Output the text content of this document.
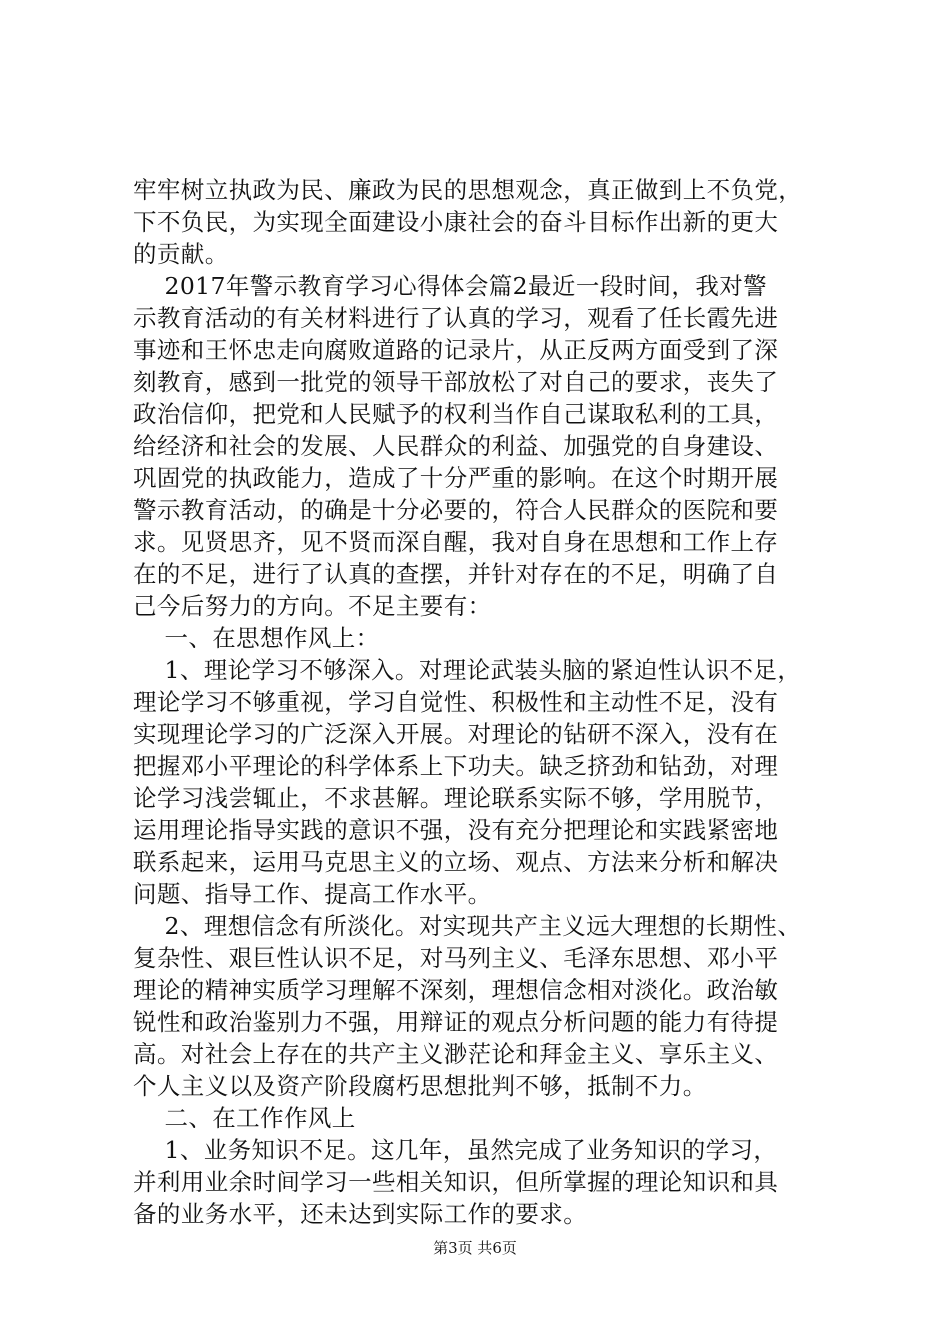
牢牢树立执政为民、廉政为民的思想观念，真正做到上不负党，
下不负民，为实现全面建设小康社会的奋斗目标作出新的更大
的贡献。
2017年警示教育学习心得体会篇2最近一段时间，我对警
示教育活动的有关材料进行了认真的学习，观看了任长霞先进
事迹和王怀忠走向腐败道路的记录片，从正反两方面受到了深
刻教育，感到一批党的领导干部放松了对自己的要求，丧失了
政治信仰，把党和人民赋予的权利当作自己谋取私利的工具，
给经济和社会的发展、人民群众的利益、加强党的自身建设、
巩固党的执政能力，造成了十分严重的影响。在这个时期开展
警示教育活动，的确是十分必要的，符合人民群众的医院和要
求。见贤思齐，见不贤而深自醒，我对自身在思想和工作上存
在的不足，进行了认真的查摆，并针对存在的不足，明确了自
己今后努力的方向。不足主要有：
一、在思想作风上：
1、理论学习不够深入。对理论武装头脑的紧迫性认识不足，
理论学习不够重视，学习自觉性、积极性和主动性不足，没有
实现理论学习的广泛深入开展。对理论的钻研不深入，没有在
把握邓小平理论的科学体系上下功夫。缺乏挤劲和钻劲，对理
论学习浅尝辄止，不求甚解。理论联系实际不够，学用脱节，
运用理论指导实践的意识不强，没有充分把理论和实践紧密地
联系起来，运用马克思主义的立场、观点、方法来分析和解决
问题、指导工作、提高工作水平。
2、理想信念有所淡化。对实现共产主义远大理想的长期性、
复杂性、艰巨性认识不足，对马列主义、毛泽东思想、邓小平
理论的精神实质学习理解不深刻，理想信念相对淡化。政治敏
锐性和政治鉴别力不强，用辩证的观点分析问题的能力有待提
高。对社会上存在的共产主义渺茫论和拜金主义、享乐主义、
个人主义以及资产阶段腐朽思想批判不够，抵制不力。
二、在工作作风上
1、业务知识不足。这几年，虽然完成了业务知识的学习，
并利用业余时间学习一些相关知识，但所掌握的理论知识和具
备的业务水平，还未达到实际工作的要求。
第3页 共6页
